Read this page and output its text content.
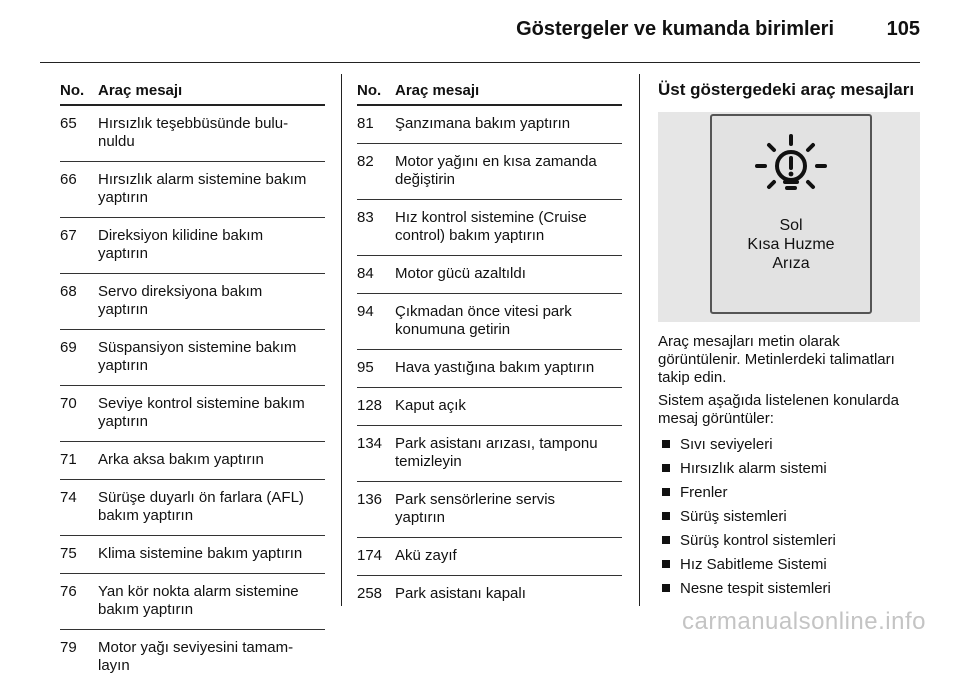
Göstergeler ve kumanda birimleri	105
No. Araç mesajı
65	Hırsızlık teşebbüsünde bulu-
nuldu
66	Hırsızlık alarm sistemine bakım
yaptırın
67	Direksiyon kilidine bakım
yaptırın
68	Servo direksiyona bakım
yaptırın
69	Süspansiyon sistemine bakım
yaptırın
70	Seviye kontrol sistemine bakım
yaptırın
71	Arka aksa bakım yaptırın
74	Sürüşe duyarlı ön farlara (AFL)
bakım yaptırın
75	Klima sistemine bakım yaptırın
76	Yan kör nokta alarm sistemine
bakım yaptırın
79	Motor yağı seviyesini tamam-
layın
No. Araç mesajı
81	Şanzımana bakım yaptırın
82	Motor yağını en kısa zamanda
değiştirin
83	Hız kontrol sistemine (Cruise
control) bakım yaptırın
84	Motor gücü azaltıldı
94	Çıkmadan önce vitesi park
konumuna getirin
95	Hava yastığına bakım yaptırın
128 Kaput açık
134 Park asistanı arızası, tamponu
temizleyin
136 Park sensörlerine servis
yaptırın
174 Akü zayıf
258 Park asistanı kapalı
Üst göstergedeki araç mesajları
Sol
Kısa Huzme
Arıza
Araç mesajları metin olarak
görüntülenir. Metinlerdeki talimatları
takip edin.
Sistem aşağıda listelenen konularda
mesaj görüntüler:
Sıvı seviyeleri
Hırsızlık alarm sistemi
Frenler
Sürüş sistemleri
Sürüş kontrol sistemleri
Hız Sabitleme Sistemi
Nesne tespit sistemleri
carmanualsonline.info
